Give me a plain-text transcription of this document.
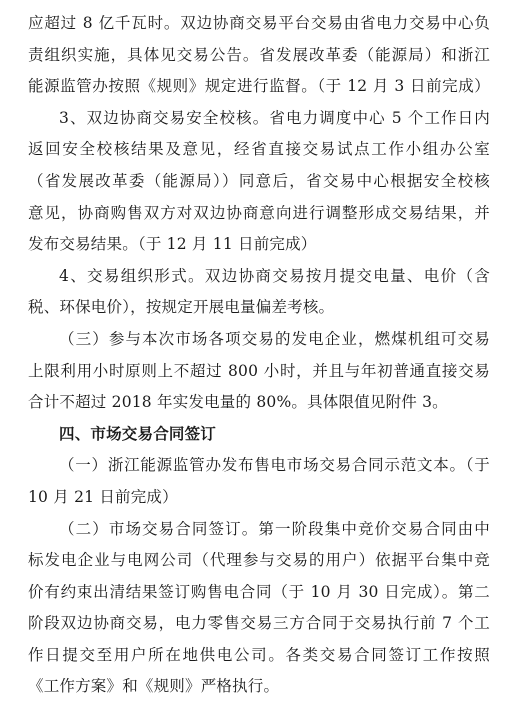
应超过 8 亿千瓦时。双边协商交易平台交易由省电力交易中心负
责组织实施，具体见交易公告。省发展改革委（能源局）和浙江
能源监管办按照《规则》规定进行监督。（于 12 月 3 日前完成）
3、双边协商交易安全校核。省电力调度中心 5 个工作日内
返回安全校核结果及意见，经省直接交易试点工作小组办公室
（省发展改革委（能源局））同意后，省交易中心根据安全校核
意见，协商购售双方对双边协商意向进行调整形成交易结果，并
发布交易结果。（于 12 月 11 日前完成）
4、交易组织形式。双边协商交易按月提交电量、电价（含
税、环保电价），按规定开展电量偏差考核。
（三）参与本次市场各项交易的发电企业，燃煤机组可交易
上限利用小时原则上不超过 800 小时，并且与年初普通直接交易
合计不超过 2018 年实发电量的 80%。具体限值见附件 3。
四、市场交易合同签订
（一）浙江能源监管办发布售电市场交易合同示范文本。（于
10 月 21 日前完成）
（二）市场交易合同签订。第一阶段集中竞价交易合同由中
标发电企业与电网公司（代理参与交易的用户）依据平台集中竞
价有约束出清结果签订购售电合同（于 10 月 30 日完成）。第二
阶段双边协商交易，电力零售交易三方合同于交易执行前 7 个工
作日提交至用户所在地供电公司。各类交易合同签订工作按照
《工作方案》和《规则》严格执行。
